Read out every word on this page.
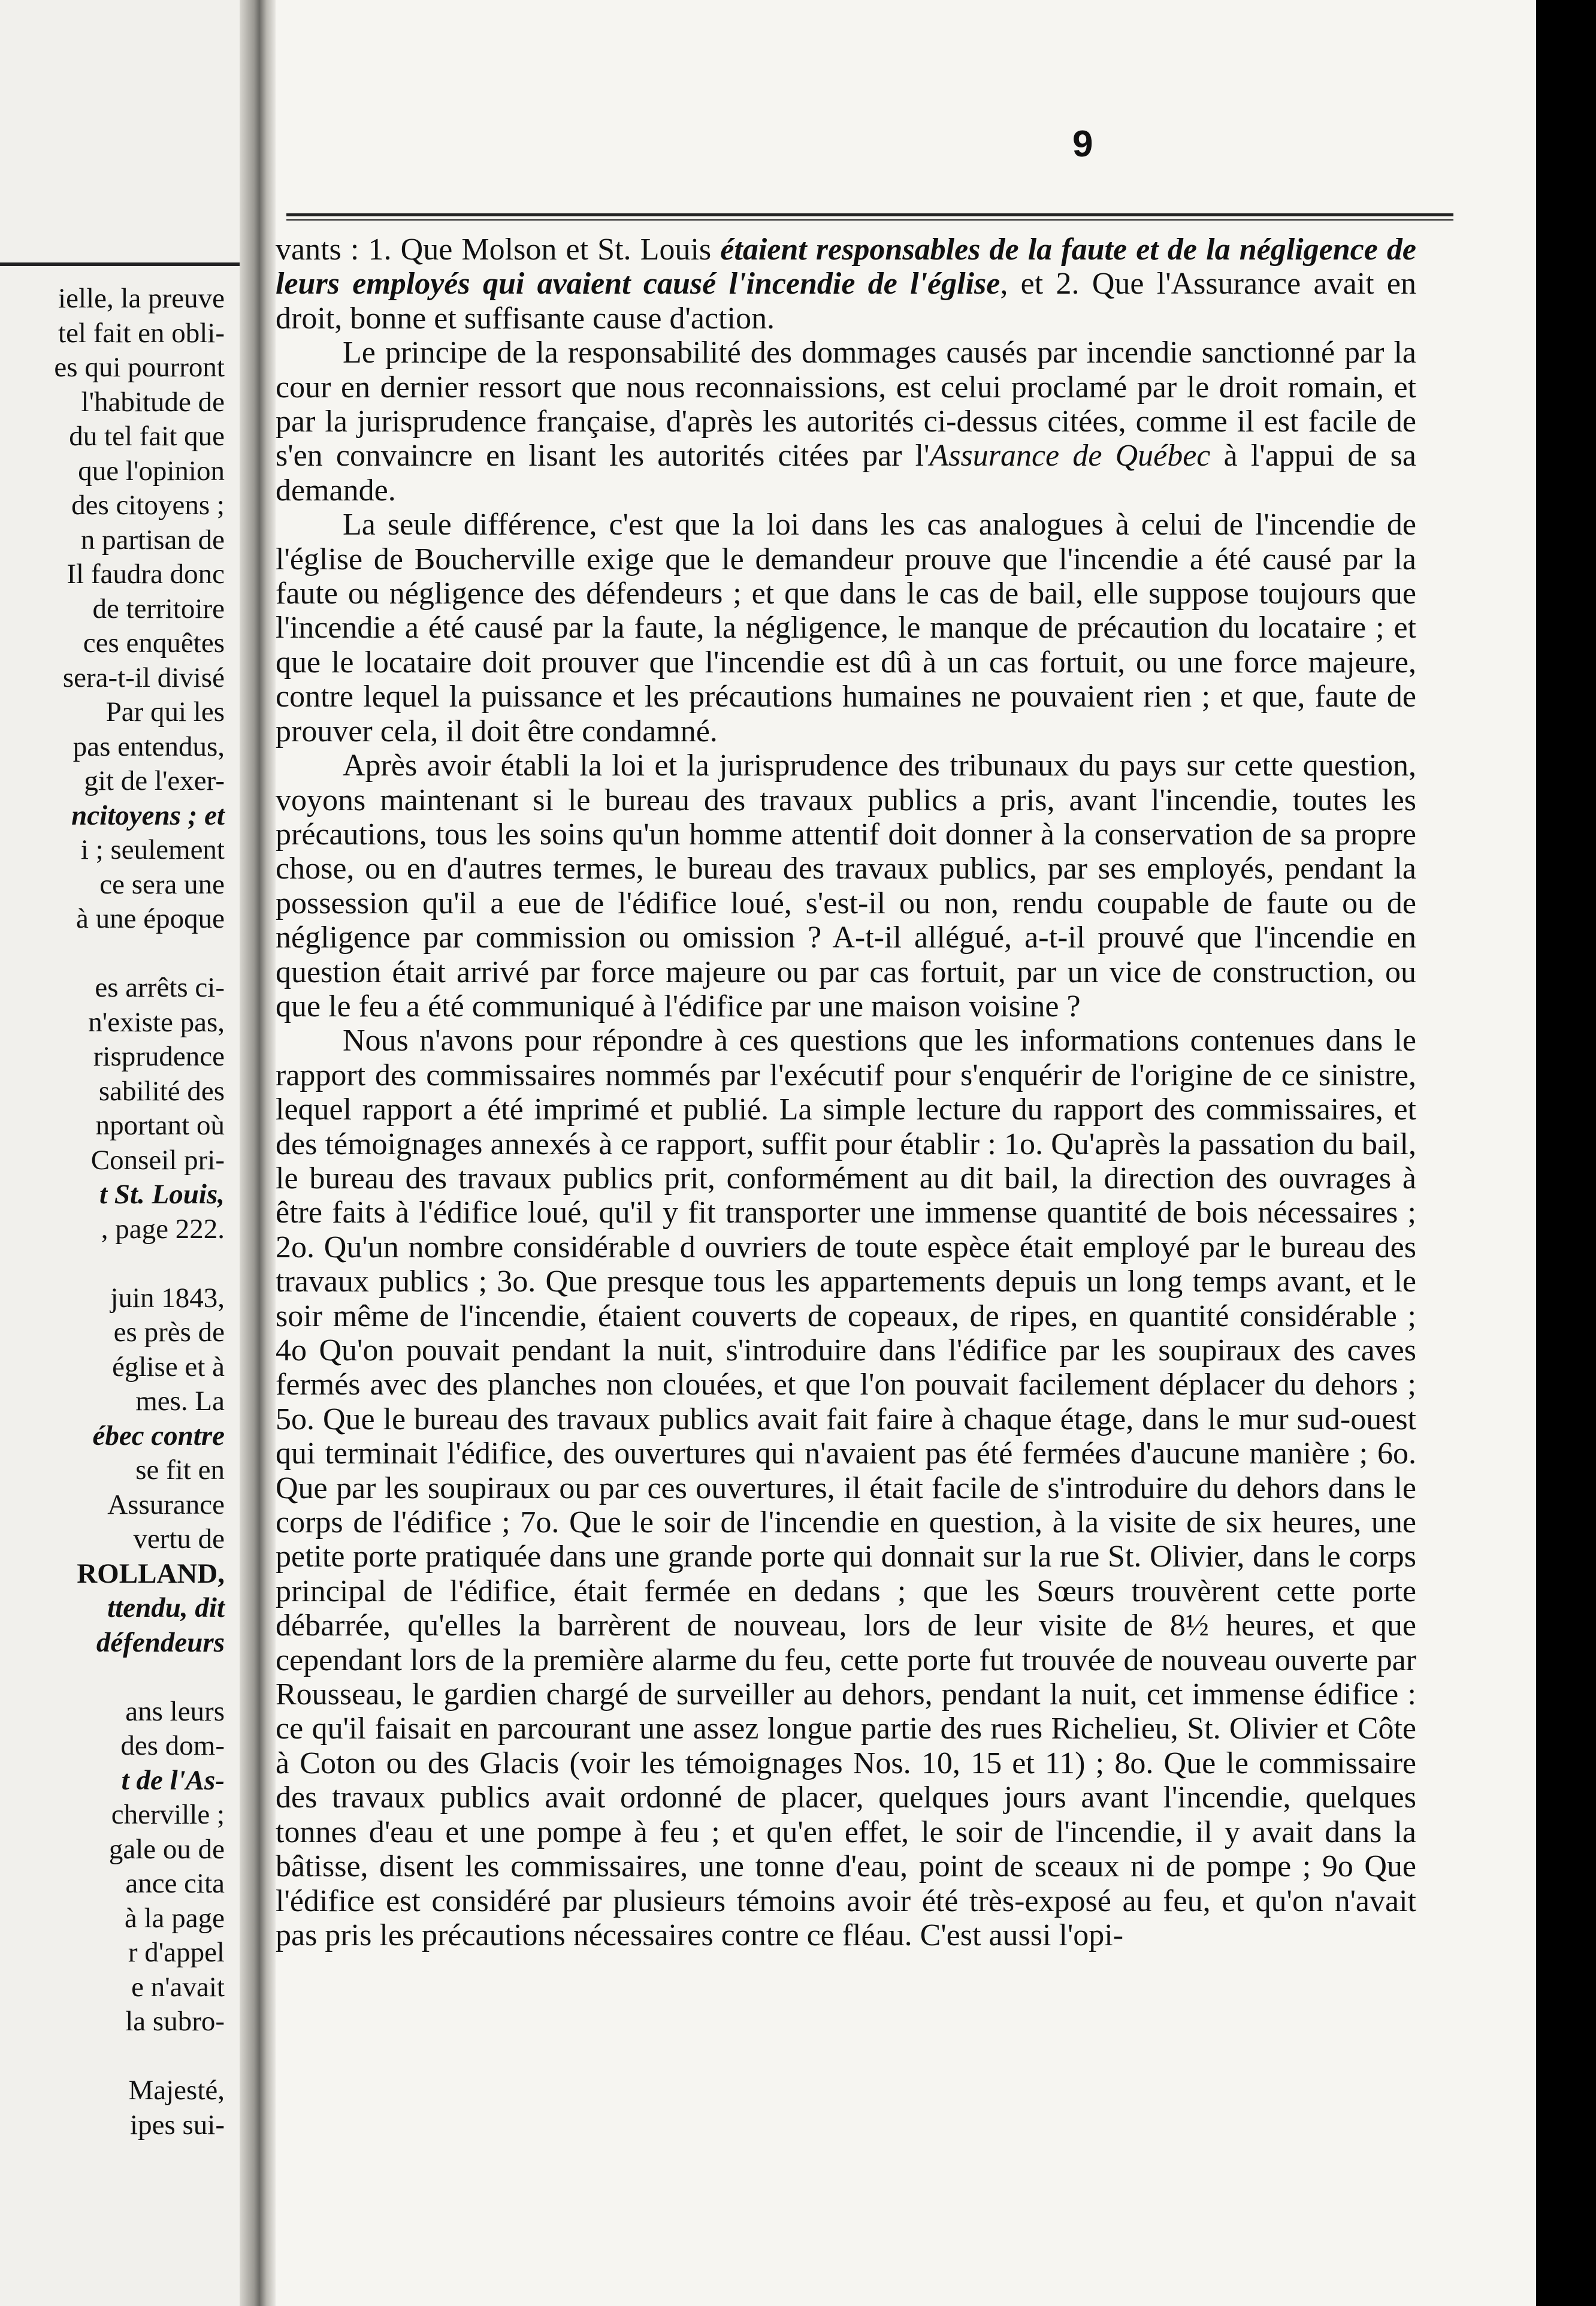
ielle, la preuve
tel fait en obli-
es qui pourront
l'habitude de
du tel fait que
que l'opinion
des citoyens ;
n partisan de
Il faudra donc
de territoire
ces enquêtes
sera-t-il divisé
Par qui les
pas entendus,
git de l'exer-
ncitoyens ; et
i ; seulement
ce sera une
à une époque
es arrêts ci-
n'existe pas,
risprudence
sabilité des
nportant où
Conseil pri-
t St. Louis,
, page 222.
juin 1843,
es près de
église et à
mes. La
ébec contre
se fit en
Assurance
vertu de
ROLLAND,
ttendu, dit
défendeurs
ans leurs
des dom-
t de l'As-
cherville ;
gale ou de
ance cita
à la page
r d'appel
e n'avait
la subro-
Majesté,
ipes sui-
9

vants : 1. Que Molson et St. Louis étaient responsables de la faute et de la négligence de leurs employés qui avaient causé l'incendie de l'église, et 2. Que l'Assurance avait en droit, bonne et suffisante cause d'action.

Le principe de la responsabilité des dommages causés par incendie sanctionné par la cour en dernier ressort que nous reconnaissions, est celui proclamé par le droit romain, et par la jurisprudence française, d'après les autorités ci-dessus citées, comme il est facile de s'en convaincre en lisant les autorités citées par l'Assurance de Québec à l'appui de sa demande.

La seule différence, c'est que la loi dans les cas analogues à celui de l'incendie de l'église de Boucherville exige que le demandeur prouve que l'incendie a été causé par la faute ou négligence des défendeurs ; et que dans le cas de bail, elle suppose toujours que l'incendie a été causé par la faute, la négligence, le manque de précaution du locataire ; et que le locataire doit prouver que l'incendie est dû à un cas fortuit, ou une force majeure, contre lequel la puissance et les précautions humaines ne pouvaient rien ; et que, faute de prouver cela, il doit être condamné.

Après avoir établi la loi et la jurisprudence des tribunaux du pays sur cette question, voyons maintenant si le bureau des travaux publics a pris, avant l'incendie, toutes les précautions, tous les soins qu'un homme attentif doit donner à la conservation de sa propre chose, ou en d'autres termes, le bureau des travaux publics, par ses employés, pendant la possession qu'il a eue de l'édifice loué, s'est-il ou non, rendu coupable de faute ou de négligence par commission ou omission ? A-t-il allégué, a-t-il prouvé que l'incendie en question était arrivé par force majeure ou par cas fortuit, par un vice de construction, ou que le feu a été communiqué à l'édifice par une maison voisine ?

Nous n'avons pour répondre à ces questions que les informations contenues dans le rapport des commissaires nommés par l'exécutif pour s'enquérir de l'origine de ce sinistre, lequel rapport a été imprimé et publié. La simple lecture du rapport des commissaires, et des témoignages annexés à ce rapport, suffit pour établir : 1o. Qu'après la passation du bail, le bureau des travaux publics prit, conformément au dit bail, la direction des ouvrages à être faits à l'édifice loué, qu'il y fit transporter une immense quantité de bois nécessaires ; 2o. Qu'un nombre considérable d ouvriers de toute espèce était employé par le bureau des travaux publics ; 3o. Que presque tous les appartements depuis un long temps avant, et le soir même de l'incendie, étaient couverts de copeaux, de ripes, en quantité considérable ; 4o Qu'on pouvait pendant la nuit, s'introduire dans l'édifice par les soupiraux des caves fermés avec des planches non clouées, et que l'on pouvait facilement déplacer du dehors ; 5o. Que le bureau des travaux publics avait fait faire à chaque étage, dans le mur sud-ouest qui terminait l'édifice, des ouvertures qui n'avaient pas été fermées d'aucune manière ; 6o. Que par les soupiraux ou par ces ouvertures, il était facile de s'introduire du dehors dans le corps de l'édifice ; 7o. Que le soir de l'incendie en question, à la visite de six heures, une petite porte pratiquée dans une grande porte qui donnait sur la rue St. Olivier, dans le corps principal de l'édifice, était fermée en dedans ; que les Sœurs trouvèrent cette porte débarrée, qu'elles la barrèrent de nouveau, lors de leur visite de 8½ heures, et que cependant lors de la première alarme du feu, cette porte fut trouvée de nouveau ouverte par Rousseau, le gardien chargé de surveiller au dehors, pendant la nuit, cet immense édifice : ce qu'il faisait en parcourant une assez longue partie des rues Richelieu, St. Olivier et Côte à Coton ou des Glacis (voir les témoignages Nos. 10, 15 et 11) ; 8o. Que le commissaire des travaux publics avait ordonné de placer, quelques jours avant l'incendie, quelques tonnes d'eau et une pompe à feu ; et qu'en effet, le soir de l'incendie, il y avait dans la bâtisse, disent les commissaires, une tonne d'eau, point de sceaux ni de pompe ; 9o Que l'édifice est considéré par plusieurs témoins avoir été très-exposé au feu, et qu'on n'avait pas pris les précautions nécessaires contre ce fléau. C'est aussi l'opi-
